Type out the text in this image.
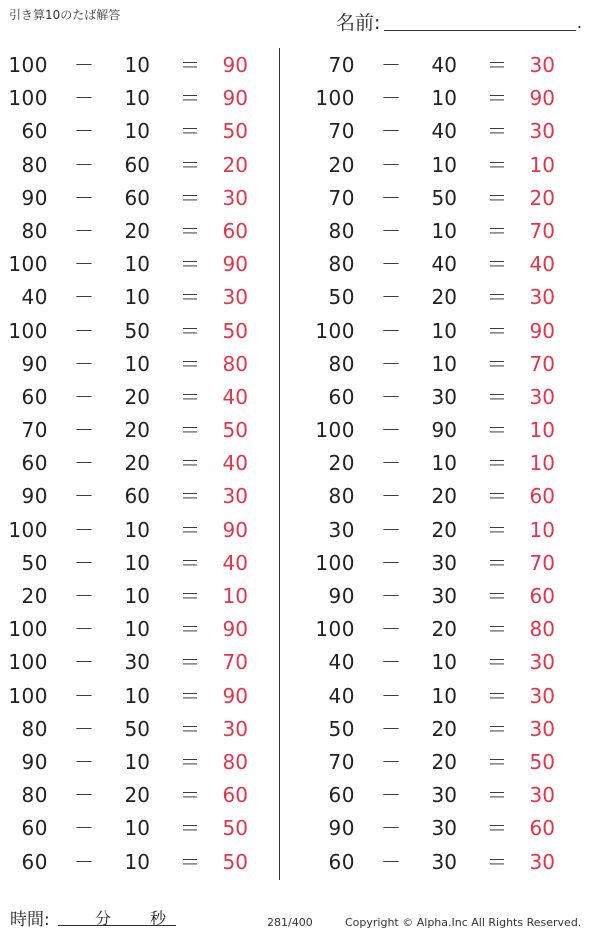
引き算10のたば解答	名前:	.
100 － 10 ＝ 90
100 － 10 ＝ 90
60 － 10 ＝ 50
80 － 60 ＝ 20
90 － 60 ＝ 30
80 － 20 ＝ 60
100 － 10 ＝ 90
40 － 10 ＝ 30
100 － 50 ＝ 50
90 － 10 ＝ 80
60 － 20 ＝ 40
70 － 20 ＝ 50
60 － 20 ＝ 40
90 － 60 ＝ 30
100 － 10 ＝ 90
50 － 10 ＝ 40
20 － 10 ＝ 10
100 － 10 ＝ 90
100 － 30 ＝ 70
100 － 10 ＝ 90
80 － 50 ＝ 30
90 － 10 ＝ 80
80 － 20 ＝ 60
60 － 10 ＝ 50
60 － 10 ＝ 50
70 － 40 ＝ 30
100 － 10 ＝ 90
70 － 40 ＝ 30
20 － 10 ＝ 10
70 － 50 ＝ 20
80 － 10 ＝ 70
80 － 40 ＝ 40
50 － 20 ＝ 30
100 － 10 ＝ 90
80 － 10 ＝ 70
60 － 30 ＝ 30
100 － 90 ＝ 10
20 － 10 ＝ 10
80 － 20 ＝ 60
30 － 20 ＝ 10
100 － 30 ＝ 70
90 － 30 ＝ 60
100 － 20 ＝ 80
40 － 10 ＝ 30
40 － 10 ＝ 30
50 － 20 ＝ 30
70 － 20 ＝ 50
60 － 30 ＝ 30
90 － 30 ＝ 60
60 － 30 ＝ 30
時間:	分 秒	281/400	Copyright © Alpha.Inc All Rights Reserved.
